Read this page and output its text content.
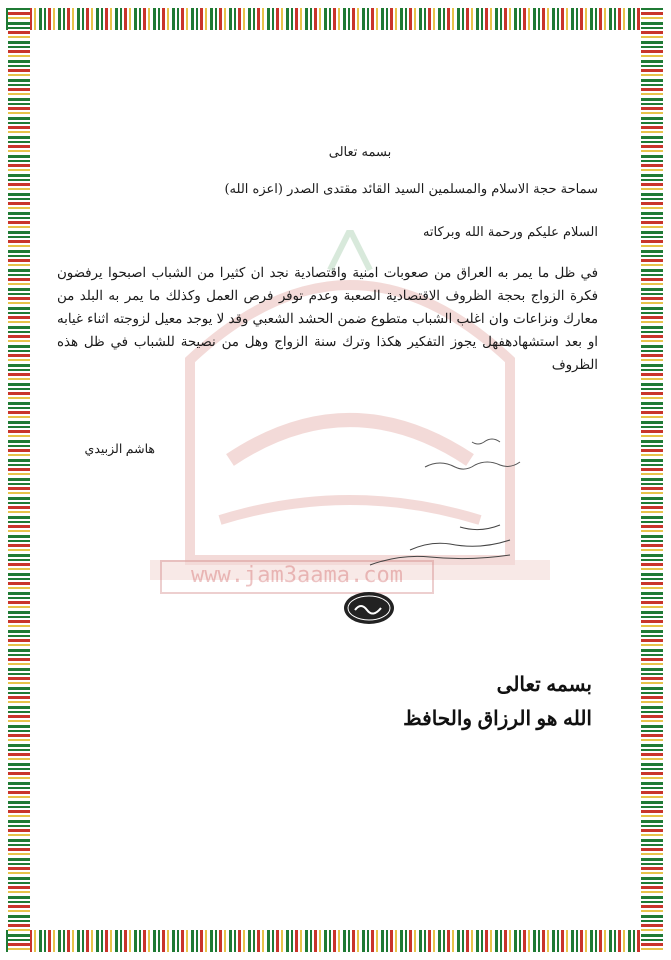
www.jam3aama.com
بسمه تعالى
سماحة حجة الاسلام والمسلمين السيد القائد مقتدى الصدر (اعزه الله)
السلام عليكم ورحمة الله وبركاته
في ظل ما يمر به العراق من صعوبات امنية واقتصادية نجد ان كثيرا من الشباب اصبحوا يرفضون فكرة الزواج بحجة الظروف الاقتصادية الصعبة وعدم توفر فرص العمل وكذلك ما يمر به البلد من معارك ونزاعات وان اغلب الشباب متطوع ضمن الحشد الشعبي وقد لا يوجد معيل لزوجته اثناء غيابه او بعد استشهادهفهل يجوز التفكير هكذا وترك سنة الزواج وهل من نصيحة للشباب في ظل هذه الظروف
هاشم الزبيدي
بسمه تعالى
الله هو الرزاق والحافظ
